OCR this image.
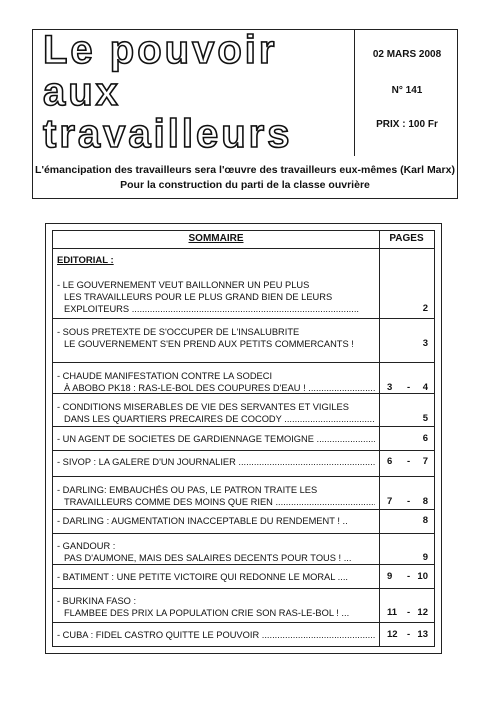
Le pouvoir
aux
travailleurs
02 MARS 2008
N° 141
PRIX : 100 Fr
L'émancipation des travailleurs sera l'œuvre des travailleurs eux-mêmes (Karl Marx)
Pour la construction du parti de la classe ouvrière
SOMMAIRE	PAGES
EDITORIAL :
- LE GOUVERNEMENT VEUT BAILLONNER UN PEU PLUS
LES TRAVAILLEURS POUR LE PLUS GRAND BIEN DE LEURS
EXPLOITEURS .....	2
- SOUS PRETEXTE DE S'OCCUPER DE L'INSALUBRITE
LE GOUVERNEMENT S'EN PREND AUX PETITS COMMERCANTS !	3
- CHAUDE MANIFESTATION CONTRE LA SODECI
À ABOBO PK18 : RAS-LE-BOL DES COUPURES D'EAU ! .....	3 - 4
- CONDITIONS MISERABLES DE VIE DES SERVANTES ET VIGILES
DANS LES QUARTIERS PRECAIRES DE COCODY .....	5
- UN AGENT DE SOCIETES DE GARDIENNAGE TEMOIGNE .....	6
- SIVOP : LA GALERE D'UN JOURNALIER .....	6 - 7
- DARLING: EMBAUCHÉS OU PAS, LE PATRON TRAITE LES
TRAVAILLEURS COMME DES MOINS QUE RIEN .....	7 - 8
- DARLING : AUGMENTATION INACCEPTABLE DU RENDEMENT ! ..	8
- GANDOUR :
PAS D'AUMONE, MAIS DES SALAIRES DECENTS POUR TOUS ! ...	9
- BATIMENT : UNE PETITE VICTOIRE QUI REDONNE LE MORAL ....	9 - 10
- BURKINA FASO :
FLAMBEE DES PRIX LA POPULATION CRIE SON RAS-LE-BOL ! ...	11 - 12
- CUBA : FIDEL CASTRO QUITTE LE POUVOIR .....	12 - 13
